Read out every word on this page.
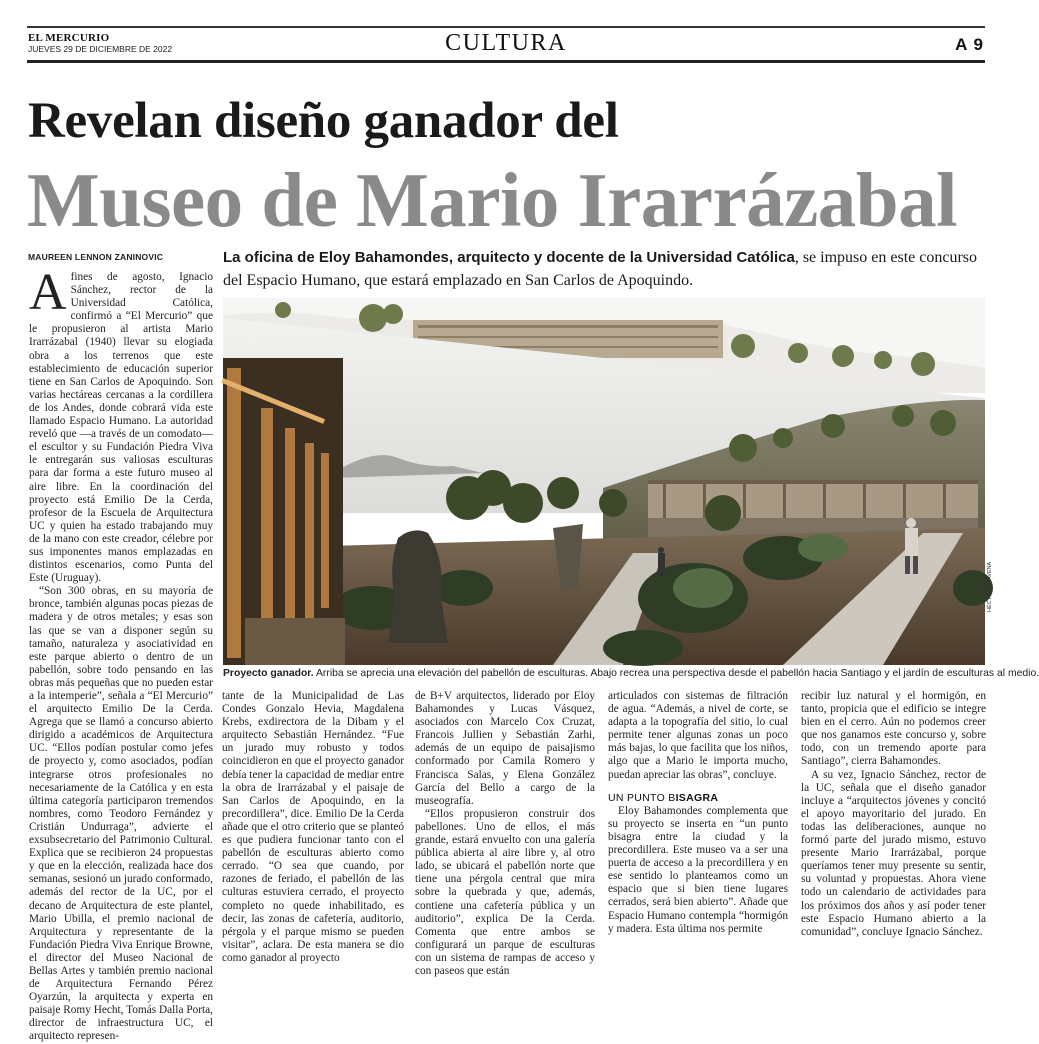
EL MERCURIO
JUEVES 29 DE DICIEMBRE DE 2022	CULTURA	A 9
Revelan diseño ganador del
Museo de Mario Irarrázabal
MAUREEN LENNON ZANINOVIC	La oficina de Eloy Bahamondes, arquitecto y docente de la Universidad Católica, se impuso en este concurso del Espacio Humano, que estará emplazado en San Carlos de Apoquindo.

Afines de agosto, Ignacio Sánchez, rector de la Universidad Católica, confirmó a “El Mercurio” que le propusieron al artista Mario Irarrázabal (1940) llevar su elogiada obra a los terrenos que este establecimiento de educación superior tiene en San Carlos de Apoquindo. Son varias hectáreas cercanas a la cordillera de los Andes, donde cobrará vida este llamado Espacio Humano. La autoridad reveló que —a través de un comodato— el escultor y su Fundación Piedra Viva le entregarán sus valiosas esculturas para dar forma a este futuro museo al aire libre. En la coordinación del proyecto está Emilio De la Cerda, profesor de la Escuela de Arquitectura UC y quien ha estado trabajando muy de la mano con este creador, célebre por sus imponentes manos emplazadas en distintos escenarios, como Punta del Este (Uruguay).

“Son 300 obras, en su mayoría de bronce, también algunas pocas piezas de madera y de otros metales; y esas son las que se van a disponer según su tamaño, naturaleza y asociatividad en este parque abierto o dentro de un pabellón, sobre todo pensando en las obras más pequeñas que no pueden estar a la intemperie”, señala a “El Mercurio” el arquitecto Emilio De la Cerda. Agrega que se llamó a concurso abierto dirigido a académicos de Arquitectura UC. “Ellos podían postular como jefes de proyecto y, como asociados, podían integrarse otros profesionales no necesariamente de la Católica y en esta última categoría participaron tremendos nombres, como Teodoro Fernández y Cristián Undurraga”, advierte el exsubsecretario del Patrimonio Cultural. Explica que se recibieron 24 propuestas y que en la elección, realizada hace dos semanas, sesionó un jurado conformado, además del rector de la UC, por el decano de Arquitectura de este plantel, Mario Ubilla, el premio nacional de Arquitectura y representante de la Fundación Piedra Viva Enrique Browne, el director del Museo Nacional de Bellas Artes y también premio nacional de Arquitectura Fernando Pérez Oyarzún, la arquitecta y experta en paisaje Romy Hecht, Tomás Dalla Porta, director de infraestructura UC, el arquitecto represen-

HÉCTOR ARAVENA
Proyecto ganador. Arriba se aprecia una elevación del pabellón de esculturas. Abajo recrea una perspectiva desde el pabellón hacia Santiago y el jardín de esculturas al medio.

tante de la Municipalidad de Las Condes Gonzalo Hevia, Magdalena Krebs, exdirectora de la Dibam y el arquitecto Sebastián Hernández. “Fue un jurado muy robusto y todos coincidieron en que el proyecto ganador debía tener la capacidad de mediar entre la obra de Irarrázabal y el paisaje de San Carlos de Apoquindo, en la precordillera”, dice. Emilio De la Cerda añade que el otro criterio que se planteó es que pudiera funcionar tanto con el pabellón de esculturas abierto como cerrado. “O sea que cuando, por razones de feriado, el pabellón de las culturas estuviera cerrado, el proyecto completo no quede inhabilitado, es decir, las zonas de cafetería, auditorio, pérgola y el parque mismo se pueden visitar”, aclara. De esta manera se dio como ganador al proyecto

de B+V arquitectos, liderado por Eloy Bahamondes y Lucas Vásquez, asociados con Marcelo Cox Cruzat, Francois Jullien y Sebastián Zarhi, además de un equipo de paisajismo conformado por Camila Romero y Francisca Salas, y Elena González García del Bello a cargo de la museografía.

“Ellos propusieron construir dos pabellones. Uno de ellos, el más grande, estará envuelto con una galería pública abierta al aire libre y, al otro lado, se ubicará el pabellón norte que tiene una pérgola central que mira sobre la quebrada y que, además, contiene una cafetería pública y un auditorio”, explica De la Cerda. Comenta que entre ambos se configurará un parque de esculturas con un sistema de rampas de acceso y con paseos que están

articulados con sistemas de filtración de agua. “Además, a nivel de corte, se adapta a la topografía del sitio, lo cual permite tener algunas zonas un poco más bajas, lo que facilita que los niños, algo que a Mario le importa mucho, puedan apreciar las obras”, concluye.

UN PUNTO BISAGRA

Eloy Bahamondes complementa que su proyecto se inserta en “un punto bisagra entre la ciudad y la precordillera. Este museo va a ser una puerta de acceso a la precordillera y en ese sentido lo planteamos como un espacio que si bien tiene lugares cerrados, será bien abierto”. Añade que Espacio Humano contempla “hormigón y madera. Esta última nos permite

recibir luz natural y el hormigón, en tanto, propicia que el edificio se integre bien en el cerro. Aún no podemos creer que nos ganamos este concurso y, sobre todo, con un tremendo aporte para Santiago”, cierra Bahamondes.

A su vez, Ignacio Sánchez, rector de la UC, señala que el diseño ganador incluye a “arquitectos jóvenes y concitó el apoyo mayoritario del jurado. En todas las deliberaciones, aunque no formó parte del jurado mismo, estuvo presente Mario Irarrázabal, porque queríamos tener muy presente su sentir, su voluntad y propuestas. Ahora viene todo un calendario de actividades para los próximos dos años y así poder tener este Espacio Humano abierto a la comunidad”, concluye Ignacio Sánchez.
